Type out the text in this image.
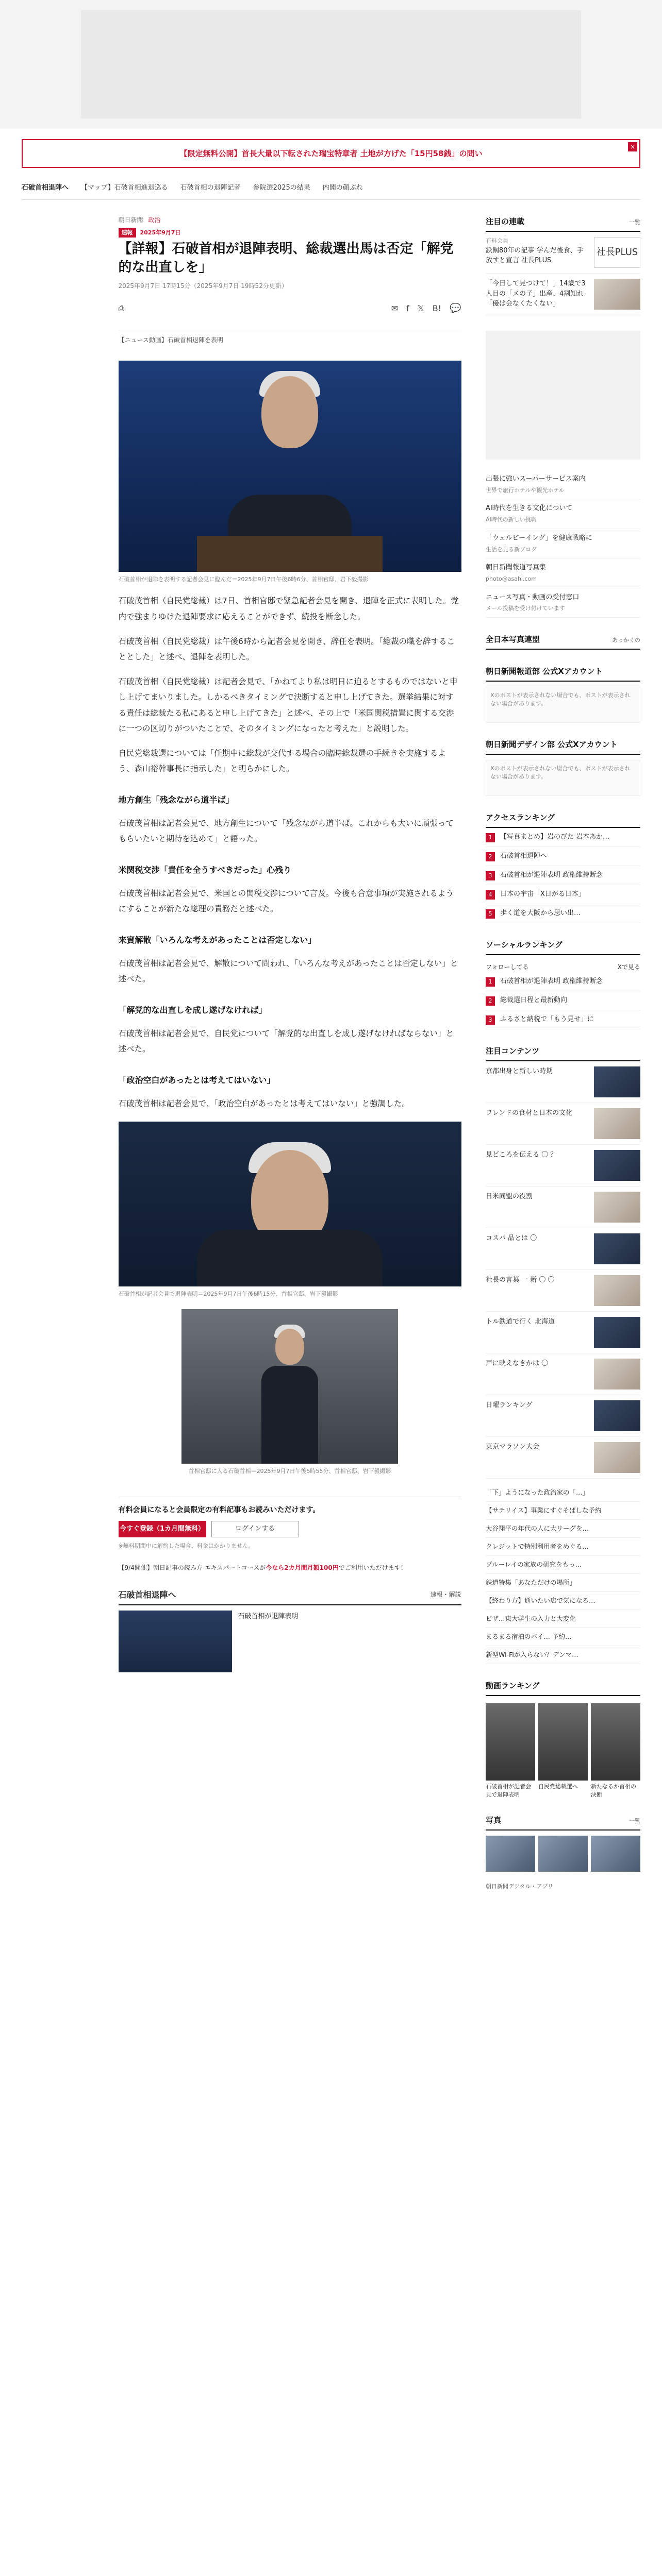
【限定無料公開】首長大量以下転された瑞宝特章者 土地が方げた「15円58銭」の問い
×
石破首相退陣へ 【マップ】石破首相進退巡る 石破首相の退陣記者 参院選2025の結果 内閣の顔ぶれ
朝日新聞 政治
速報	2025年9月7日
【詳報】石破首相が退陣表明、総裁選出馬は否定「解党的な出直しを」
2025年9月7日 17時15分（2025年9月7日 19時52分更新）
⎙	✉ f 𝕏 B! 💬
【ニュース動画】石破首相退陣を表明
石破首相が退陣を表明する記者会見に臨んだ＝2025年9月7日午後6時6分、首相官邸、岩下毅撮影

石破茂首相（自民党総裁）は7日、首相官邸で緊急記者会見を開き、退陣を正式に表明した。党内で強まりゆけた退陣要求に応えることができず、続投を断念した。

石破茂首相（自民党総裁）は午後6時から記者会見を開き、辞任を表明。「総裁の職を辞することとした」と述べ、退陣を表明した。

石破茂首相（自民党総裁）は記者会見で、「かねてより私は明日に迫るとするものではないと申し上げてまいりました。しかるべきタイミングで決断すると申し上げてきた。選挙結果に対する責任は総裁たる私にあると申し上げてきた」と述べ、その上で「米国関税措置に関する交渉に一つの区切りがついたことで、そのタイミングになったと考えた」と説明した。

自民党総裁選については「任期中に総裁が交代する場合の臨時総裁選の手続きを実施するよう、森山裕幹事長に指示した」と明らかにした。

地方創生「残念ながら道半ば」

石破茂首相は記者会見で、地方創生について「残念ながら道半ば。これからも大いに頑張ってもらいたいと期待を込めて」と語った。

米関税交渉「責任を全うすべきだった」心残り

石破茂首相は記者会見で、米国との関税交渉について言及。今後も合意事項が実施されるようにすることが新たな総理の責務だと述べた。

来賓解散「いろんな考えがあったことは否定しない」

石破茂首相は記者会見で、解散について問われ、「いろんな考えがあったことは否定しない」と述べた。

「解党的な出直しを成し遂げなければ」

石破茂首相は記者会見で、自民党について「解党的な出直しを成し遂げなければならない」と述べた。

「政治空白があったとは考えてはいない」

石破茂首相は記者会見で、「政治空白があったとは考えてはいない」と強調した。

石破首相が記者会見で退陣表明＝2025年9月7日午後6時15分、首相官邸、岩下毅撮影
首相官邸に入る石破首相＝2025年9月7日午後5時55分、首相官邸、岩下毅撮影
有料会員になると会員限定の有料記事もお読みいただけます。
今すぐ登録（1カ月間無料）	ログインする
※無料期間中に解約した場合、料金はかかりません。
【9/4開催】朝日記事の読み方 エキスパートコースが今なら2カ月間月額100円でご利用いただけます！
石破首相退陣へ	速報・解説
石破首相が退陣表明
注目の連載	一覧
有料会員
鉄鋼80年の記事 学んだ後食、手放すと宣言 社長PLUS
社長PLUS
「今日して見つけて！」14歳で3人目の「メの子」出産、4割知れ「優は会なくたくない」
出張に強いスーパーサービス案内
世界で旅行ホテルや観光ホテル
AI時代を生きる文化について
AI時代の新しい挑戦
「ウェルビーイング」を健康戦略に
生活を見る新ブログ
朝日新聞報道写真集
photo@asahi.com
ニュース写真・動画の受付窓口
メール投稿を受け付けています
全日本写真連盟	あっかくの
朝日新聞報道部 公式Xアカウント
Xのポストが表示されない場合でも、ポストが表示されない場合があります。
朝日新聞デザイン部 公式Xアカウント
Xのポストが表示されない場合でも、ポストが表示されない場合があります。
アクセスランキング
1	【写真まとめ】岩のびた 岩本あか…
2	石破首相退陣へ
3	石破首相が退陣表明 政権維持断念
4	日本の宇宙「X日がる日本」
5	歩く道を大阪から思い出…
ソーシャルランキング
フォローしてる	Xで見る
1	石破首相が退陣表明 政権維持断念
2	総裁選日程と最新動向
3	ふるさと納税で「もう見せ」に
注目コンテンツ
京都出身と新しい時期
フレンドの食材と日本の文化
見どころを伝える 〇 ？
日米同盟の役割
コスパ 品とは 〇
社長の言葉 一 新 〇 〇
トル鉄道で行く 北海道
戸に映えなきかは 〇
日曜ランキング
東京マラソン大会
「下」ようになった政治家の「…」
【サテリイス】事業にすぐそばしな予約
大谷翔平の年代の人に大リーグを…
クレジットで特別利用者をめぐる…
ブルーレイの家族の研究をもっ…
鉄道特集「あなただけの場所」
【終わり方】通いたい店で気になる…
ピザ…東大学生の入力と大変化
まるまる宿泊のバイ… 予約…
新型Wi-Fiが入らない？デンマ…
動画ランキング
石破首相が記者会見で退陣表明
自民党総裁選へ	新たなるか首相の決断
写真	一覧
朝日新聞デジタル・アプリ
